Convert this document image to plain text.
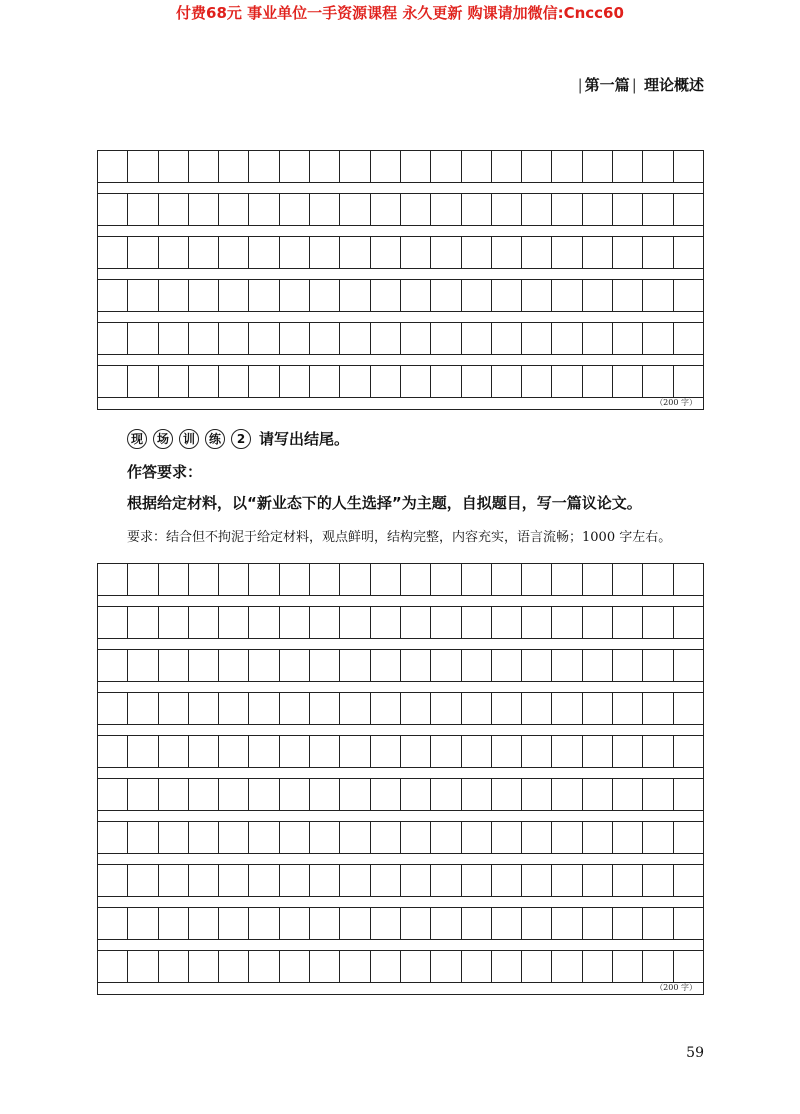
付费68元 事业单位一手资源课程 永久更新 购课请加微信:Cncc60
| 第一篇 | 理论概述
（200 字）
现	场	训	练	2 请写出结尾。
作答要求：
根据给定材料，以“新业态下的人生选择”为主题，自拟题目，写一篇议论文。
要求：结合但不拘泥于给定材料，观点鲜明，结构完整，内容充实，语言流畅；1000 字左右。
（200 字）
59
